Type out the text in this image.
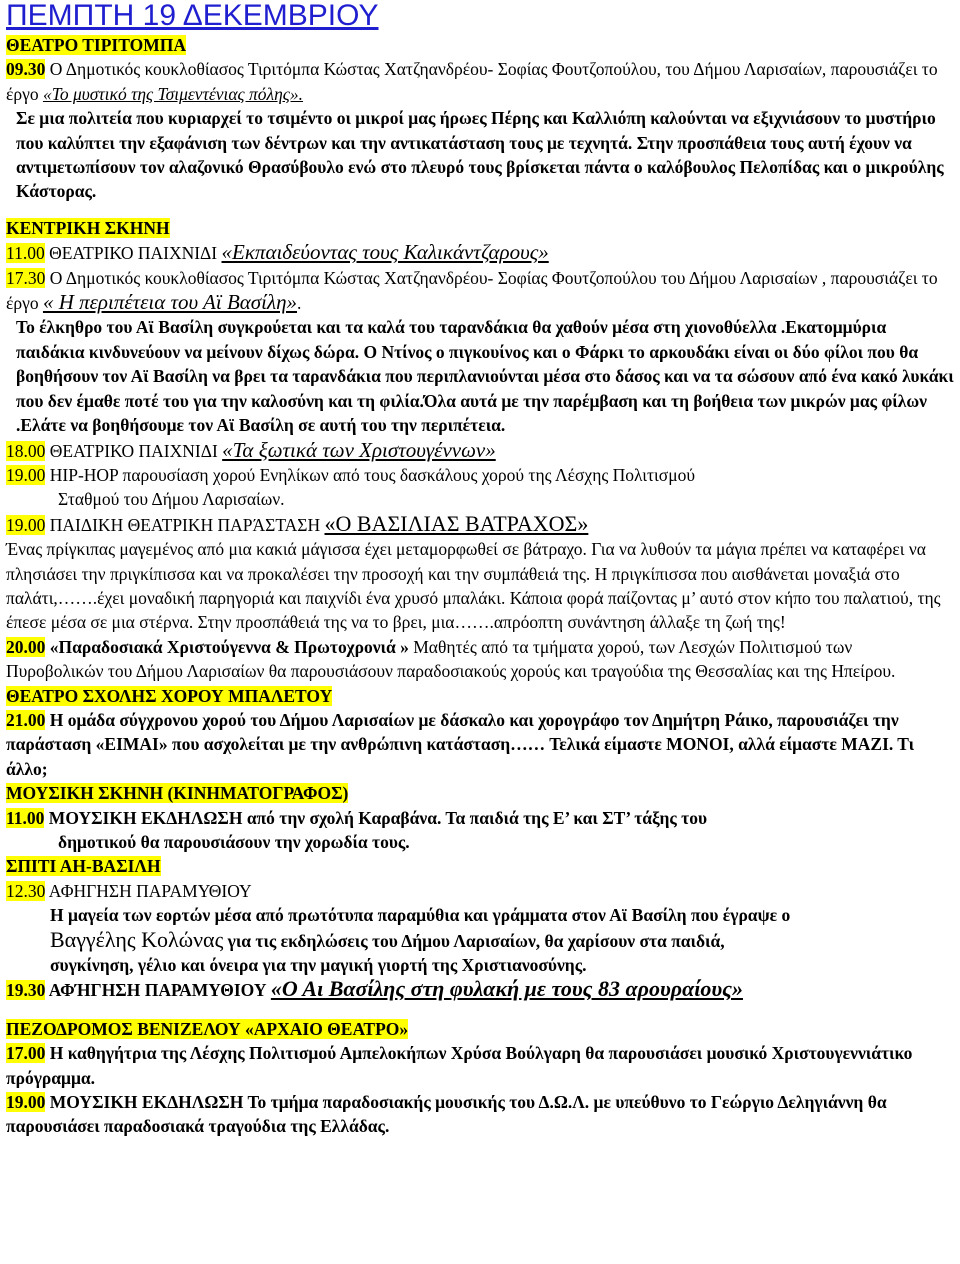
ΠΕΜΠΤΗ 19 ΔΕΚΕΜΒΡΙΟΥ
ΘΕΑΤΡΟ ΤΙΡΙΤΟΜΠΑ
09.30 Ο Δημοτικός κουκλοθίασος Τιριτόμπα Κώστας Χατζηανδρέου- Σοφίας Φουτζοπούλου, του Δήμου Λαρισαίων, παρουσιάζει το έργο «Το μυστικό της Τσιμεντένιας πόλης».
Σε μια πολιτεία που κυριαρχεί το τσιμέντο οι μικροί μας ήρωες Πέρης και Καλλιόπη καλούνται να εξιχνιάσουν το μυστήριο που καλύπτει την εξαφάνιση των δέντρων και την αντικατάσταση τους με τεχνητά. Στην προσπάθεια τους αυτή έχουν να αντιμετωπίσουν τον αλαζονικό Θρασύβουλο ενώ στο πλευρό τους βρίσκεται πάντα ο καλόβουλος Πελοπίδας και ο μικρούλης Κάστορας.
ΚΕΝΤΡΙΚΗ ΣΚΗΝΗ
11.00 ΘΕΑΤΡΙΚΟ ΠΑΙΧΝΙΔΙ «Εκπαιδεύοντας τους Καλικάντζαρους»
17.30 Ο Δημοτικός κουκλοθίασος Τιριτόμπα Κώστας Χατζηανδρέου- Σοφίας Φουτζοπούλου του Δήμου Λαρισαίων , παρουσιάζει το έργο « Η περιπέτεια του Αϊ Βασίλη».
Το έλκηθρο του Αϊ Βασίλη συγκρούεται και τα καλά του ταρανδάκια θα χαθούν μέσα στη χιονοθύελλα .Εκατομμύρια παιδάκια κινδυνεύουν να μείνουν δίχως δώρα. Ο Ντίνος ο πιγκουίνος και ο Φάρκι το αρκουδάκι είναι οι δύο φίλοι που θα βοηθήσουν τον Αϊ Βασίλη να βρει τα ταρανδάκια που περιπλανιούνται μέσα στο δάσος και να τα σώσουν από ένα κακό λυκάκι που δεν έμαθε ποτέ του για την καλοσύνη και τη φιλία.Όλα αυτά με την παρέμβαση και τη βοήθεια των μικρών μας φίλων .Ελάτε να βοηθήσουμε τον Αϊ Βασίλη σε αυτή του την περιπέτεια.
18.00 ΘΕΑΤΡΙΚΟ ΠΑΙΧΝΙΔΙ «Τα ξωτικά των Χριστουγέννων»
19.00 HIP-HOP παρουσίαση χορού Ενηλίκων από τους δασκάλους χορού της Λέσχης Πολιτισμού
Σταθμού του Δήμου Λαρισαίων.
19.00 ΠΑΙΔΙΚΗ ΘΕΑΤΡΙΚΗ ΠΑΡΆΣΤΑΣΗ «Ο ΒΑΣΙΛΙΑΣ ΒΑΤΡΑΧΟΣ»
Ένας πρίγκιπας μαγεμένος από μια κακιά μάγισσα έχει μεταμορφωθεί σε βάτραχο. Για να λυθούν τα μάγια πρέπει να καταφέρει να πλησιάσει την πριγκίπισσα και να προκαλέσει την προσοχή και την συμπάθειά της. Η πριγκίπισσα που αισθάνεται μοναξιά στο παλάτι,…….έχει μοναδική παρηγοριά και παιχνίδι ένα χρυσό μπαλάκι. Κάποια φορά παίζοντας μ’ αυτό στον κήπο του παλατιού, της έπεσε μέσα σε μια στέρνα. Στην προσπάθειά της να το βρει, μια…….απρόοπτη συνάντηση άλλαξε τη ζωή της!
20.00 «Παραδοσιακά Χριστούγεννα & Πρωτοχρονιά » Μαθητές από τα τμήματα χορού, των Λεσχών Πολιτισμού των Πυροβολικών του Δήμου Λαρισαίων θα παρουσιάσουν παραδοσιακούς χορούς και τραγούδια της Θεσσαλίας και της Ηπείρου.
ΘΕΑΤΡΟ ΣΧΟΛΗΣ ΧΟΡΟΥ ΜΠΑΛΕΤΟΥ
21.00 Η ομάδα σύγχρονου χορού του Δήμου Λαρισαίων με δάσκαλο και χορογράφο τον Δημήτρη Ράικο, παρουσιάζει την παράσταση «ΕΙΜΑΙ» που ασχολείται με την ανθρώπινη κατάσταση…… Τελικά είμαστε ΜΟΝΟΙ, αλλά είμαστε ΜΑΖΙ. Τι άλλο;
ΜΟΥΣΙΚΗ ΣΚΗΝΗ (ΚΙΝΗΜΑΤΟΓΡΑΦΟΣ)
11.00 ΜΟΥΣΙΚΗ ΕΚΔΗΛΩΣΗ από την σχολή Καραβάνα. Τα παιδιά της Ε’ και ΣΤ’ τάξης του
δημοτικού θα παρουσιάσουν την χορωδία τους.
ΣΠΙΤΙ ΑΗ-ΒΑΣΙΛΗ
12.30 ΑΦΗΓΗΣΗ ΠΑΡΑΜΥΘΙΟΥ
Η μαγεία των εορτών μέσα από πρωτότυπα παραμύθια και γράμματα στον Αϊ Βασίλη που έγραψε ο
Βαγγέλης Κολώνας για τις εκδηλώσεις του Δήμου Λαρισαίων, θα χαρίσουν στα παιδιά,
συγκίνηση, γέλιο και όνειρα για την μαγική γιορτή της Χριστιανοσύνης.
19.30 ΑΦΉΓΗΣΗ ΠΑΡΑΜΥΘΙΟΥ «Ο Αι Βασίλης στη φυλακή με τους 83 αρουραίους»
ΠΕΖΟΔΡΟΜΟΣ ΒΕΝΙΖΕΛΟΥ «ΑΡΧΑΙΟ ΘΕΑΤΡΟ»
17.00 Η καθηγήτρια της Λέσχης Πολιτισμού Αμπελοκήπων Χρύσα Βούλγαρη θα παρουσιάσει μουσικό Χριστουγεννιάτικο πρόγραμμα.
19.00 ΜΟΥΣΙΚΗ ΕΚΔΗΛΩΣΗ Το τμήμα παραδοσιακής μουσικής του Δ.Ω.Λ. με υπεύθυνο το Γεώργιο Δεληγιάννη θα παρουσιάσει παραδοσιακά τραγούδια της Ελλάδας.
